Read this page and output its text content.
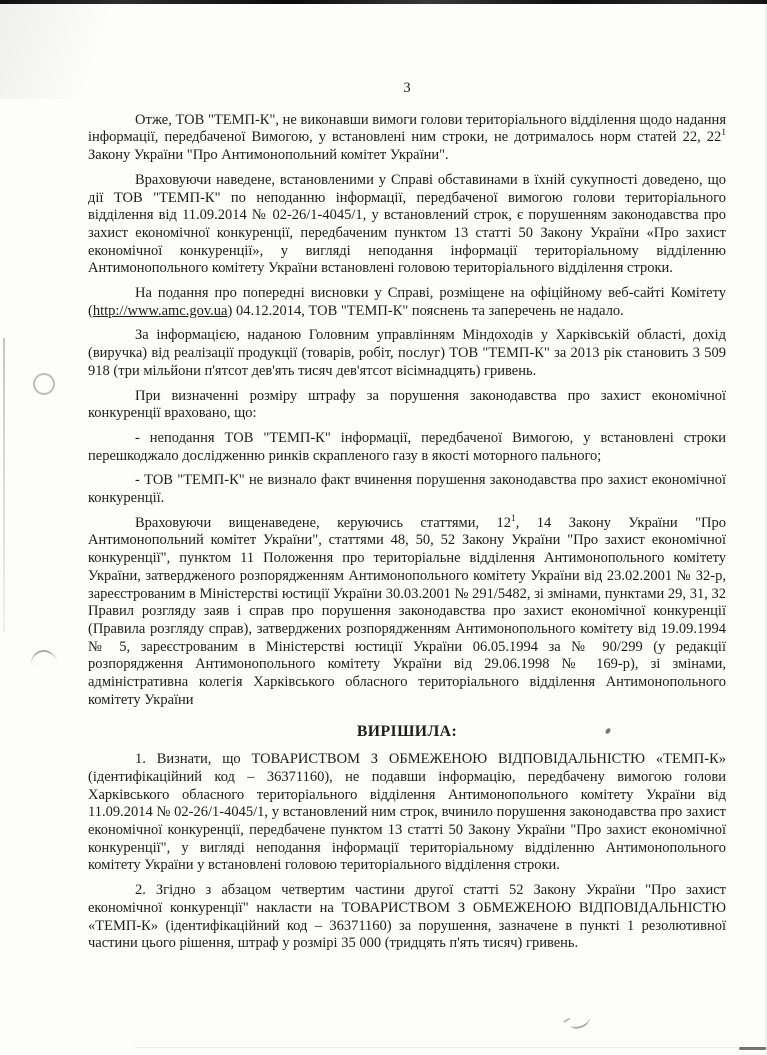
3

Отже, ТОВ "ТЕМП-К", не виконавши вимоги голови територіального відділення щодо надання інформації, передбаченої Вимогою, у встановлені ним строки, не дотрималось норм статей 22, $22^1$ Закону України "Про Антимонопольний комітет України".

Враховуючи наведене, встановленими у Справі обставинами в їхній сукупності доведено, що дії ТОВ "ТЕМП-К" по неподанню інформації, передбаченої вимогою голови територіального відділення від 11.09.2014 № 02-26/1-4045/1, у встановлений строк, є порушенням законодавства про захист економічної конкуренції, передбаченим пунктом 13 статті 50 Закону України «Про захист економічної конкуренції», у вигляді неподання інформації територіальному відділенню Антимонопольного комітету України встановлені головою територіального відділення строки.

На подання про попередні висновки у Справі, розміщене на офіційному веб-сайті Комітету (http://www.amc.gov.ua) 04.12.2014, ТОВ "ТЕМП-К" пояснень та заперечень не надало.

За інформацією, наданою Головним управлінням Міндоходів у Харківській області, дохід (виручка) від реалізації продукції (товарів, робіт, послуг) ТОВ "ТЕМП-К" за 2013 рік становить 3 509 918 (три мільйони п'ятсот дев'ять тисяч дев'ятсот вісімнадцять) гривень.

При визначенні розміру штрафу за порушення законодавства про захист економічної конкуренції враховано, що:

- неподання ТОВ "ТЕМП-К" інформації, передбаченої Вимогою, у встановлені строки перешкоджало дослідженню ринків скрапленого газу в якості моторного пального;

- ТОВ "ТЕМП-К" не визнало факт вчинення порушення законодавства про захист економічної конкуренції.

Враховуючи вищенаведене, керуючись статтями, $12^1$, 14 Закону України "Про Антимонопольний комітет України", статтями 48, 50, 52 Закону України "Про захист економічної конкуренції", пунктом 11 Положення про територіальне відділення Антимонопольного комітету України, затвердженого розпорядженням Антимонопольного комітету України від 23.02.2001 № 32-р, зареєстрованим в Міністерстві юстиції України 30.03.2001 № 291/5482, зі змінами, пунктами 29, 31, 32 Правил розгляду заяв і справ про порушення законодавства про захист економічної конкуренції (Правила розгляду справ), затверджених розпорядженням Антимонопольного комітету від 19.09.1994 № 5, зареєстрованим в Міністерстві юстиції України 06.05.1994 за № 90/299 (у редакції розпорядження Антимонопольного комітету України від 29.06.1998 № 169-р), зі змінами, адміністративна колегія Харківського обласного територіального відділення Антимонопольного комітету України

ВИРІШИЛА:

1. Визнати, що ТОВАРИСТВОМ З ОБМЕЖЕНОЮ ВІДПОВІДАЛЬНІСТЮ «ТЕМП-К» (ідентифікаційний код – 36371160), не подавши інформацію, передбачену вимогою голови Харківського обласного територіального відділення Антимонопольного комітету України від 11.09.2014 № 02-26/1-4045/1, у встановлений ним строк, вчинило порушення законодавства про захист економічної конкуренції, передбачене пунктом 13 статті 50 Закону України "Про захист економічної конкуренції", у вигляді неподання інформації територіальному відділенню Антимонопольного комітету України у встановлені головою територіального відділення строки.

2. Згідно з абзацом четвертим частини другої статті 52 Закону України "Про захист економічної конкуренції" накласти на ТОВАРИСТВОМ З ОБМЕЖЕНОЮ ВІДПОВІДАЛЬНІСТЮ «ТЕМП-К» (ідентифікаційний код – 36371160) за порушення, зазначене в пункті 1 резолютивної частини цього рішення, штраф у розмірі 35 000 (тридцять п'ять тисяч) гривень.
